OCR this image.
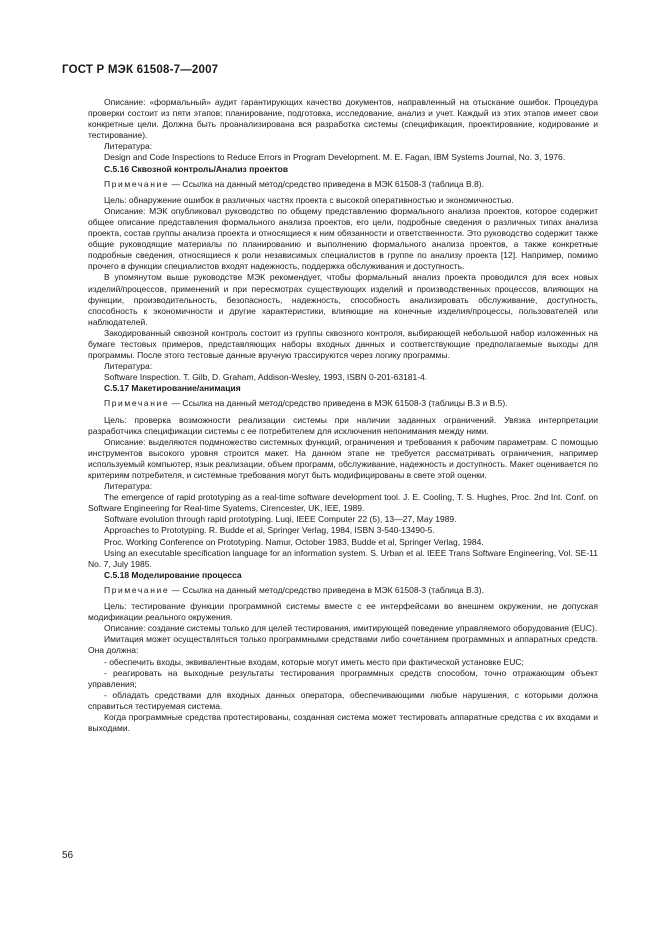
ГОСТ Р МЭК 61508-7—2007

Описание: «формальный» аудит гарантирующих качество документов, направленный на отыскание ошибок. Процедура проверки состоит из пяти этапов: планирование, подготовка, исследование, анализ и учет. Каждый из этих этапов имеет свои конкретные цели. Должна быть проанализирована вся разработка системы (спецификация, проектирование, кодирование и тестирование).

Литература:

Design and Code Inspections to Reduce Errors in Program Development. M. E. Fagan, IBM Systems Journal, No. 3, 1976.

С.5.16 Сквозной контроль/Анализ проектов

Примечание — Ссылка на данный метод/средство приведена в МЭК 61508-3 (таблица В.8).

Цель: обнаружение ошибок в различных частях проекта с высокой оперативностью и экономичностью.

Описание: МЭК опубликовал руководство по общему представлению формального анализа проектов, которое содержит общее описание представления формального анализа проектов, его цели, подробные сведения о различных типах анализа проекта, состав группы анализа проекта и относящиеся к ним обязанности и ответственности. Это руководство содержит также общие руководящие материалы по планированию и выполнению формального анализа проектов, а также конкретные подробные сведения, относящиеся к роли независимых специалистов в группе по анализу проекта [12]. Например, помимо прочего в функции специалистов входят надежность, поддержка обслуживания и доступность.

В упомянутом выше руководстве МЭК рекомендует, чтобы формальный анализ проекта проводился для всех новых изделий/процессов, применений и при пересмотрах существующих изделий и производственных процессов, влияющих на функции, производительность, безопасность, надежность, способность анализировать обслуживание, доступность, способность к экономичности и другие характеристики, влияющие на конечные изделия/процессы, пользователей или наблюдателей.

Закодированный сквозной контроль состоит из группы сквозного контроля, выбирающей небольшой набор изложенных на бумаге тестовых примеров, представляющих наборы входных данных и соответствующие предполагаемые выходы для программы. После этого тестовые данные вручную трассируются через логику программы.

Литература:

Software Inspection. T. Gilb, D. Graham, Addison-Wesley, 1993, ISBN 0-201-63181-4.

С.5.17 Макетирование/анимация

Примечание — Ссылка на данный метод/средство приведена в МЭК 61508-3 (таблицы В.3 и В.5).

Цель: проверка возможности реализации системы при наличии заданных ограничений. Увязка интерпретации разработчика спецификации системы с ее потребителем для исключения непонимания между ними.

Описание: выделяются подмножество системных функций, ограничения и требования к рабочим параметрам. С помощью инструментов высокого уровня строится макет. На данном этапе не требуется рассматривать ограничения, например используемый компьютер, язык реализации, объем программ, обслуживание, надежность и доступность. Макет оценивается по критериям потребителя, и системные требования могут быть модифицированы в свете этой оценки.

Литература:

The emergence of rapid prototyping as a real-time software development tool. J. E. Cooling, T. S. Hughes, Proc. 2nd Int. Conf. on Software Engineering for Real-time Syatems, Cirencester, UK, IEE, 1989.

Software evolution through rapid prototyping. Luqi, IEEE Computer 22 (5), 13—27, May 1989.

Approaches to Prototyping. R. Budde et al, Springer Verlag, 1984, ISBN 3-540-13490-5.

Proc. Working Conference on Prototyping. Namur, October 1983, Budde et al, Springer Verlag, 1984.

Using an executable specification language for an information system. S. Urban et al. IEEE Trans Software Engineering, Vol. SE-11 No. 7, July 1985.

С.5.18 Моделирование процесса

Примечание — Ссылка на данный метод/средство приведена в МЭК 61508-3 (таблица В.3).

Цель: тестирование функции программной системы вместе с ее интерфейсами во внешнем окружении, не допуская модификации реального окружения.

Описание: создание системы только для целей тестирования, имитирующей поведение управляемого оборудования (EUC).

Имитация может осуществляться только программными средствами либо сочетанием программных и аппаратных средств. Она должна:

- обеспечить входы, эквивалентные входам, которые могут иметь место при фактической установке EUC;

- реагировать на выходные результаты тестирования программных средств способом, точно отражающим объект управления;

- обладать средствами для входных данных оператора, обеспечивающими любые нарушения, с которыми должна справиться тестируемая система.

Когда программные средства протестированы, созданная система может тестировать аппаратные средства с их входами и выходами.

56
